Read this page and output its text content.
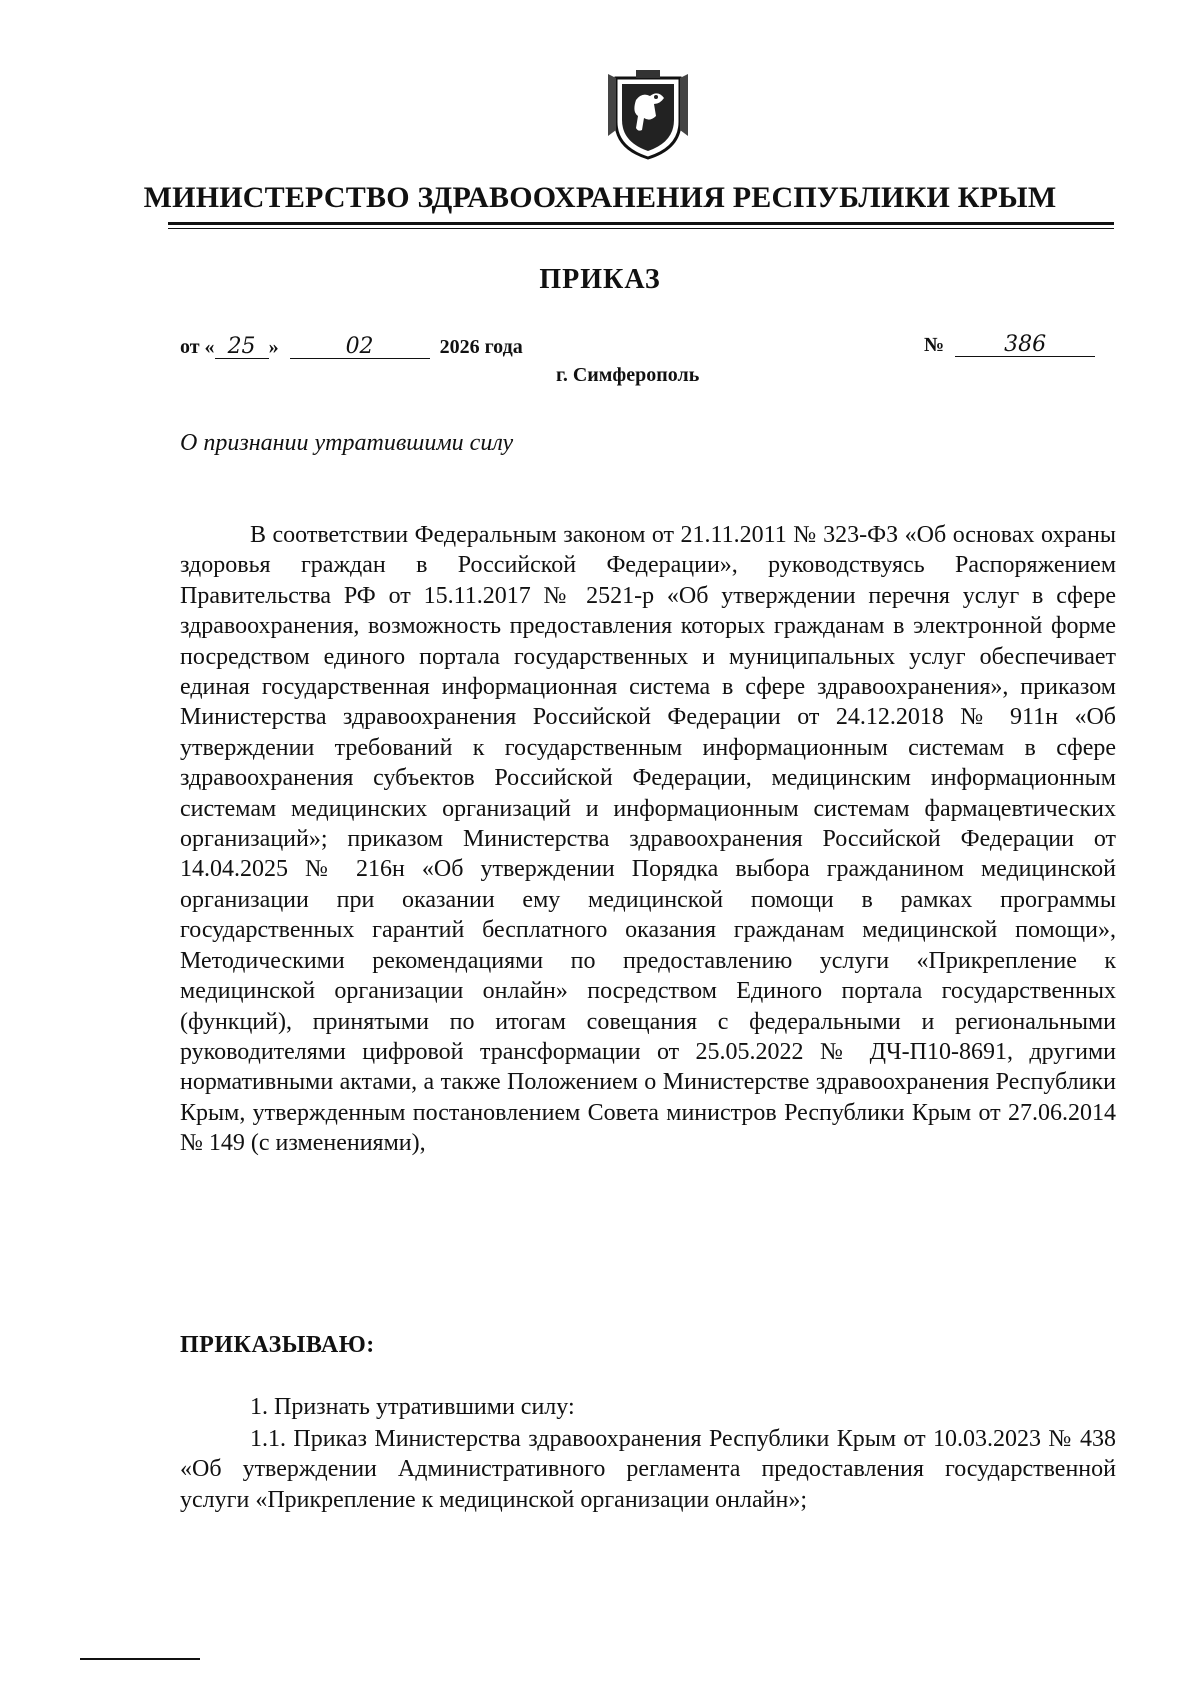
МИНИСТЕРСТВО ЗДРАВООХРАНЕНИЯ РЕСПУБЛИКИ КРЫМ
ПРИКАЗ
от « 25 »	02	2026 года	№	386
г. Симферополь
О признании утратившими силу

В соответствии Федеральным законом от 21.11.2011 № 323-ФЗ «Об основах охраны здоровья граждан в Российской Федерации», руководствуясь Распоряжением Правительства РФ от 15.11.2017 № 2521-р «Об утверждении перечня услуг в сфере здравоохранения, возможность предоставления которых гражданам в электронной форме посредством единого портала государственных и муниципальных услуг обеспечивает единая государственная информационная система в сфере здравоохранения», приказом Министерства здравоохранения Российской Федерации от 24.12.2018 № 911н «Об утверждении требований к государственным информационным системам в сфере здравоохранения субъектов Российской Федерации, медицинским информационным системам медицинских организаций и информационным системам фармацевтических организаций»; приказом Министерства здравоохранения Российской Федерации от 14.04.2025 № 216н «Об утверждении Порядка выбора гражданином медицинской организации при оказании ему медицинской помощи в рамках программы государственных гарантий бесплатного оказания гражданам медицинской помощи», Методическими рекомендациями по предоставлению услуги «Прикрепление к медицинской организации онлайн» посредством Единого портала государственных (функций), принятыми по итогам совещания с федеральными и региональными руководителями цифровой трансформации от 25.05.2022 № ДЧ-П10-8691, другими нормативными актами, а также Положением о Министерстве здравоохранения Республики Крым, утвержденным постановлением Совета министров Республики Крым от 27.06.2014 № 149 (с изменениями),

ПРИКАЗЫВАЮ:

1. Признать утратившими силу:

1.1. Приказ Министерства здравоохранения Республики Крым от 10.03.2023 № 438 «Об утверждении Административного регламента предоставления государственной услуги «Прикрепление к медицинской организации онлайн»;
